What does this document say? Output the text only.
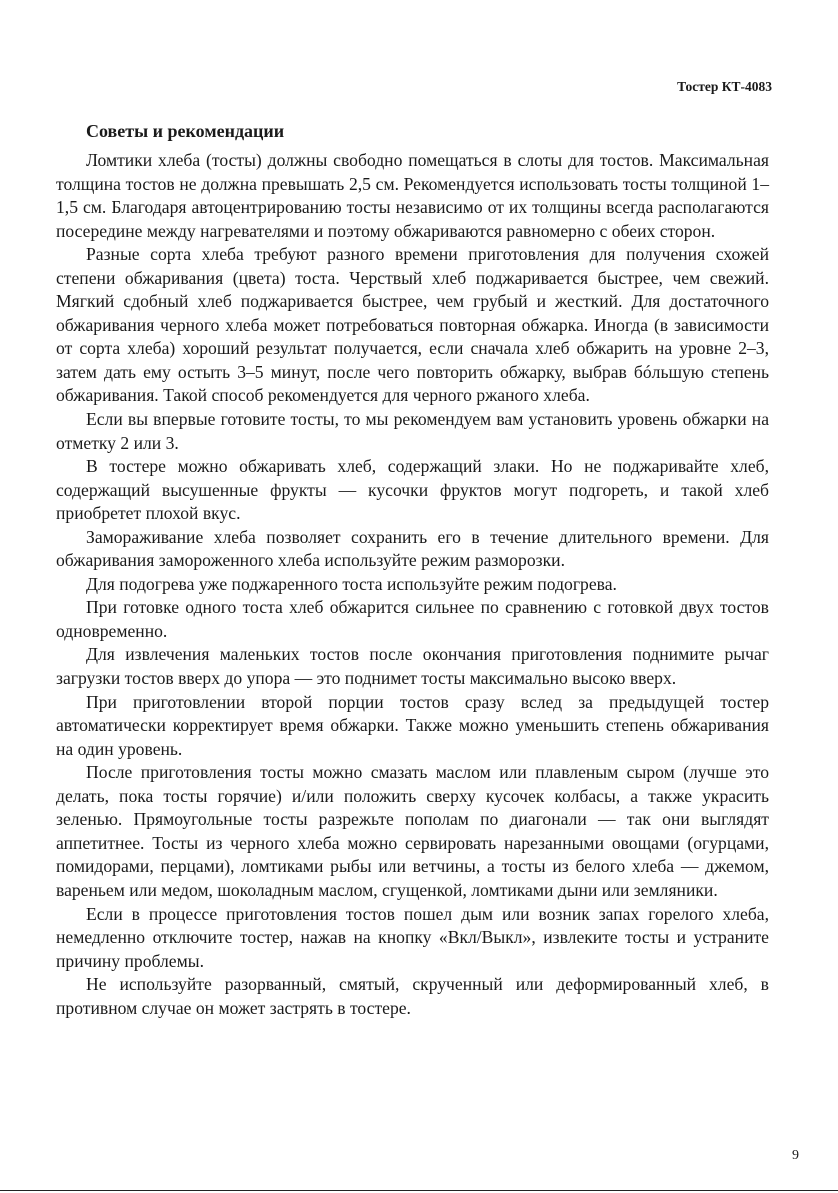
Тостер КТ-4083
Советы и рекомендации

Ломтики хлеба (тосты) должны свободно помещаться в слоты для тостов. Максимальная толщина тостов не должна превышать 2,5 см. Рекомендуется использовать тосты толщиной 1–1,5 см. Благодаря автоцентрированию тосты независимо от их толщины всегда располагаются посередине между нагревателями и поэтому обжариваются равномерно с обеих сторон.

Разные сорта хлеба требуют разного времени приготовления для получения схожей степени обжаривания (цвета) тоста. Черствый хлеб поджаривается быстрее, чем свежий. Мягкий сдобный хлеб поджаривается быстрее, чем грубый и жесткий. Для достаточного обжаривания черного хлеба может потребоваться повторная обжарка. Иногда (в зависимости от сорта хлеба) хороший результат получается, если сначала хлеб обжарить на уровне 2–3, затем дать ему остыть 3–5 минут, после чего повторить обжарку, выбрав бóльшую степень обжаривания. Такой способ рекомендуется для черного ржаного хлеба.

Если вы впервые готовите тосты, то мы рекомендуем вам установить уровень обжарки на отметку 2 или 3.

В тостере можно обжаривать хлеб, содержащий злаки. Но не поджаривайте хлеб, содержащий высушенные фрукты — кусочки фруктов могут подгореть, и такой хлеб приобретет плохой вкус.

Замораживание хлеба позволяет сохранить его в течение длительного времени. Для обжаривания замороженного хлеба используйте режим разморозки.

Для подогрева уже поджаренного тоста используйте режим подогрева.

При готовке одного тоста хлеб обжарится сильнее по сравнению с готовкой двух тостов одновременно.

Для извлечения маленьких тостов после окончания приготовления поднимите рычаг загрузки тостов вверх до упора — это поднимет тосты максимально высоко вверх.

При приготовлении второй порции тостов сразу вслед за предыдущей тостер автоматически корректирует время обжарки. Также можно уменьшить степень обжаривания на один уровень.

После приготовления тосты можно смазать маслом или плавленым сыром (лучше это делать, пока тосты горячие) и/или положить сверху кусочек колбасы, а также украсить зеленью. Прямоугольные тосты разрежьте пополам по диагонали — так они выглядят аппетитнее. Тосты из черного хлеба можно сервировать нарезанными овощами (огурцами, помидорами, перцами), ломтиками рыбы или ветчины, а тосты из белого хлеба — джемом, вареньем или медом, шоколадным маслом, сгущенкой, ломтиками дыни или земляники.

Если в процессе приготовления тостов пошел дым или возник запах горелого хлеба, немедленно отключите тостер, нажав на кнопку «Вкл/Выкл», извлеките тосты и устраните причину проблемы.

Не используйте разорванный, смятый, скрученный или деформированный хлеб, в противном случае он может застрять в тостере.

9
